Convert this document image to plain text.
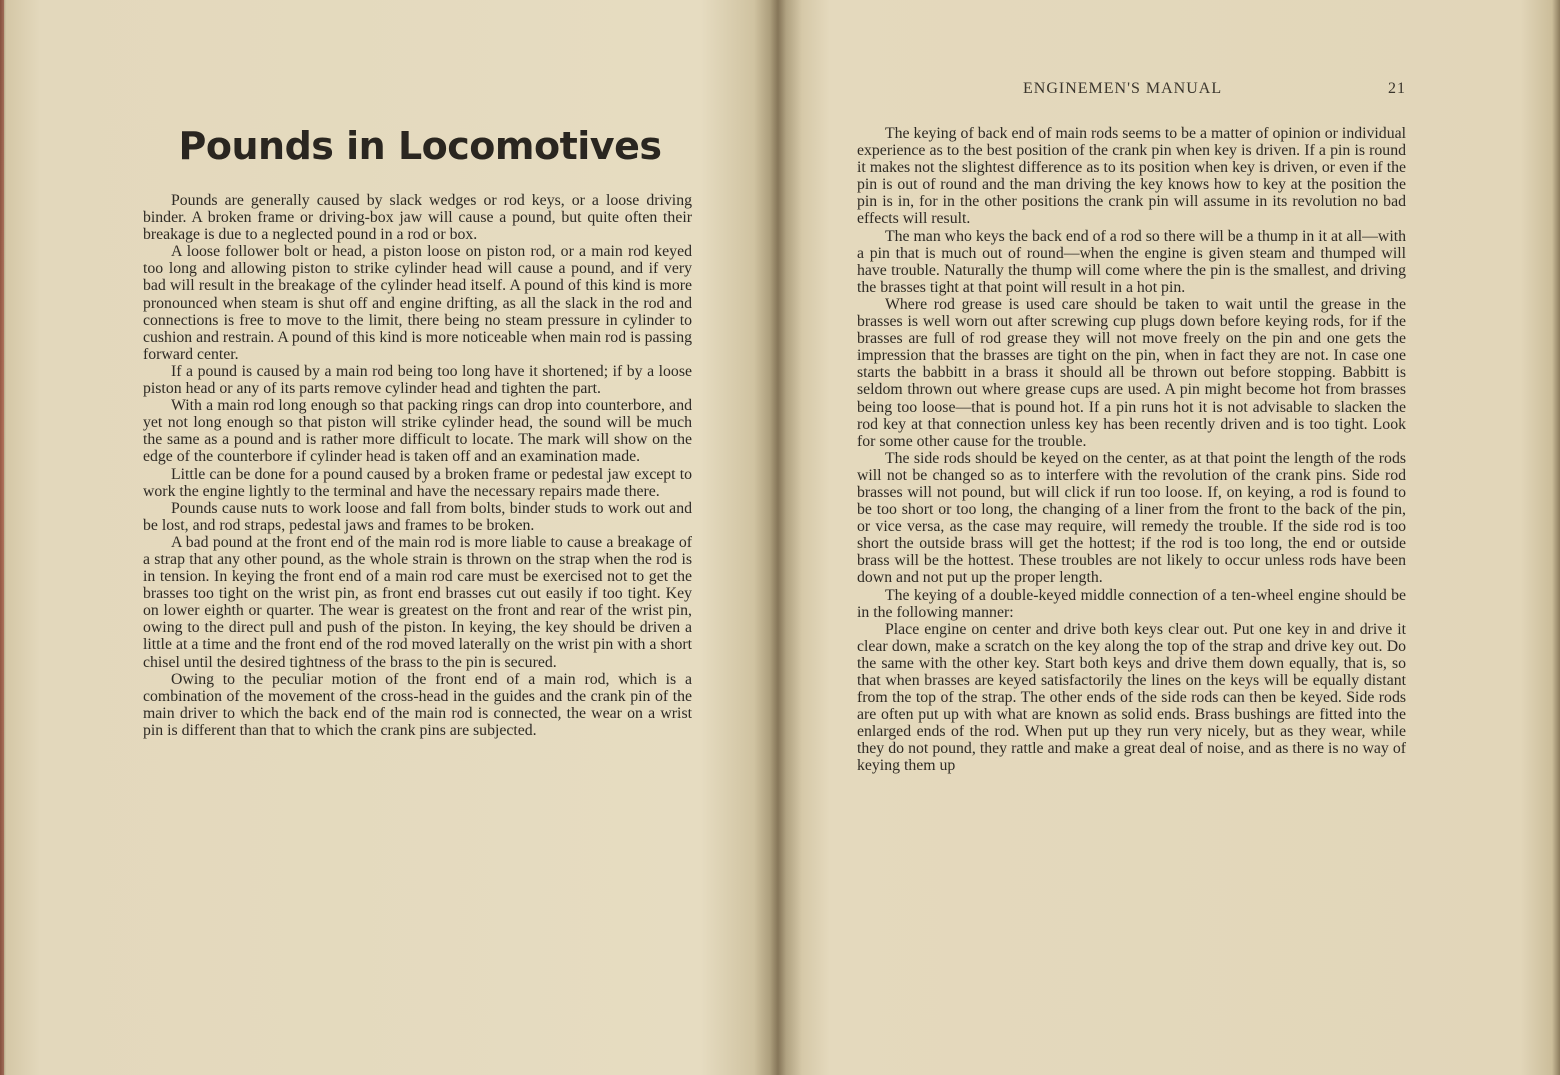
Pounds in Locomotives

Pounds are generally caused by slack wedges or rod keys, or a loose driving binder. A broken frame or driving-box jaw will cause a pound, but quite often their breakage is due to a neglected pound in a rod or box.

A loose follower bolt or head, a piston loose on piston rod, or a main rod keyed too long and allowing piston to strike cylinder head will cause a pound, and if very bad will result in the breakage of the cylinder head itself. A pound of this kind is more pronounced when steam is shut off and engine drifting, as all the slack in the rod and connections is free to move to the limit, there being no steam pressure in cylinder to cushion and restrain. A pound of this kind is more noticeable when main rod is passing forward center.

If a pound is caused by a main rod being too long have it shortened; if by a loose piston head or any of its parts remove cylinder head and tighten the part.

With a main rod long enough so that packing rings can drop into counterbore, and yet not long enough so that piston will strike cylinder head, the sound will be much the same as a pound and is rather more difficult to locate. The mark will show on the edge of the counterbore if cylinder head is taken off and an examination made.

Little can be done for a pound caused by a broken frame or pedestal jaw except to work the engine lightly to the terminal and have the necessary repairs made there.

Pounds cause nuts to work loose and fall from bolts, binder studs to work out and be lost, and rod straps, pedestal jaws and frames to be broken.

A bad pound at the front end of the main rod is more liable to cause a breakage of a strap that any other pound, as the whole strain is thrown on the strap when the rod is in tension. In keying the front end of a main rod care must be exercised not to get the brasses too tight on the wrist pin, as front end brasses cut out easily if too tight. Key on lower eighth or quarter. The wear is greatest on the front and rear of the wrist pin, owing to the direct pull and push of the piston. In keying, the key should be driven a little at a time and the front end of the rod moved laterally on the wrist pin with a short chisel until the desired tightness of the brass to the pin is secured.

Owing to the peculiar motion of the front end of a main rod, which is a combination of the movement of the cross-head in the guides and the crank pin of the main driver to which the back end of the main rod is connected, the wear on a wrist pin is different than that to which the crank pins are subjected.

ENGINEMEN'S MANUAL	21

The keying of back end of main rods seems to be a matter of opinion or individual experience as to the best position of the crank pin when key is driven. If a pin is round it makes not the slightest difference as to its position when key is driven, or even if the pin is out of round and the man driving the key knows how to key at the position the pin is in, for in the other positions the crank pin will assume in its revolution no bad effects will result.

The man who keys the back end of a rod so there will be a thump in it at all—with a pin that is much out of round—when the engine is given steam and thumped will have trouble. Naturally the thump will come where the pin is the smallest, and driving the brasses tight at that point will result in a hot pin.

Where rod grease is used care should be taken to wait until the grease in the brasses is well worn out after screwing cup plugs down before keying rods, for if the brasses are full of rod grease they will not move freely on the pin and one gets the impression that the brasses are tight on the pin, when in fact they are not. In case one starts the babbitt in a brass it should all be thrown out before stopping. Babbitt is seldom thrown out where grease cups are used. A pin might become hot from brasses being too loose—that is pound hot. If a pin runs hot it is not advisable to slacken the rod key at that connection unless key has been recently driven and is too tight. Look for some other cause for the trouble.

The side rods should be keyed on the center, as at that point the length of the rods will not be changed so as to interfere with the revolution of the crank pins. Side rod brasses will not pound, but will click if run too loose. If, on keying, a rod is found to be too short or too long, the changing of a liner from the front to the back of the pin, or vice versa, as the case may require, will remedy the trouble. If the side rod is too short the outside brass will get the hottest; if the rod is too long, the end or outside brass will be the hottest. These troubles are not likely to occur unless rods have been down and not put up the proper length.

The keying of a double-keyed middle connection of a ten-wheel engine should be in the following manner:

Place engine on center and drive both keys clear out. Put one key in and drive it clear down, make a scratch on the key along the top of the strap and drive key out. Do the same with the other key. Start both keys and drive them down equally, that is, so that when brasses are keyed satisfactorily the lines on the keys will be equally distant from the top of the strap. The other ends of the side rods can then be keyed. Side rods are often put up with what are known as solid ends. Brass bushings are fitted into the enlarged ends of the rod. When put up they run very nicely, but as they wear, while they do not pound, they rattle and make a great deal of noise, and as there is no way of keying them up
